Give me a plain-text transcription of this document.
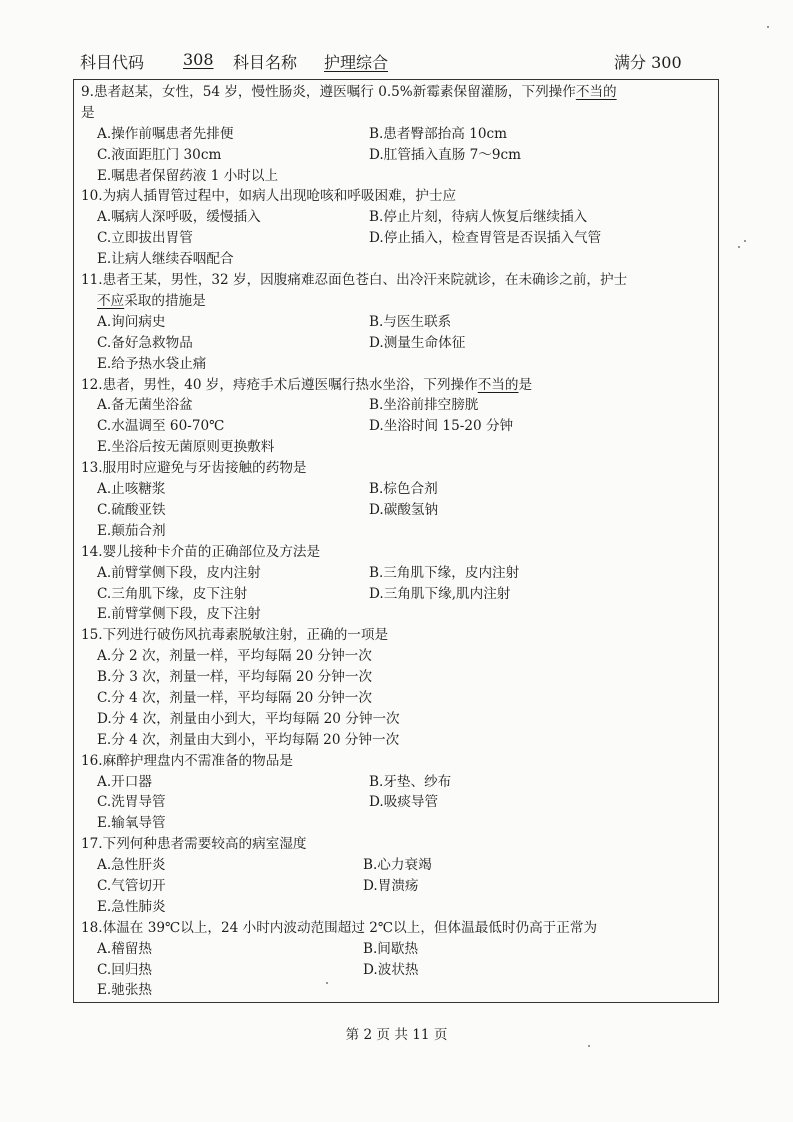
科目代码 308 科目名称 护理综合	满分 300
9.患者赵某，女性，54 岁，慢性肠炎，遵医嘱行 0.5%新霉素保留灌肠，下列操作不当的
是
A.操作前嘱患者先排便	B.患者臀部抬高 10cm
C.液面距肛门 30cm	D.肛管插入直肠 7～9cm
E.嘱患者保留药液 1 小时以上
10.为病人插胃管过程中，如病人出现呛咳和呼吸困难，护士应
A.嘱病人深呼吸，缓慢插入	B.停止片刻，待病人恢复后继续插入
C.立即拔出胃管	D.停止插入，检查胃管是否误插入气管
E.让病人继续吞咽配合
11.患者王某，男性，32 岁，因腹痛难忍面色苍白、出冷汗来院就诊，在未确诊之前，护士
不应采取的措施是
A.询问病史	B.与医生联系
C.备好急救物品	D.测量生命体征
E.给予热水袋止痛
12.患者，男性，40 岁，痔疮手术后遵医嘱行热水坐浴，下列操作不当的是
A.备无菌坐浴盆	B.坐浴前排空膀胱
C.水温调至 60-70℃	D.坐浴时间 15-20 分钟
E.坐浴后按无菌原则更换敷料
13.服用时应避免与牙齿接触的药物是
A.止咳糖浆	B.棕色合剂
C.硫酸亚铁	D.碳酸氢钠
E.颠茄合剂
14.婴儿接种卡介苗的正确部位及方法是
A.前臂掌侧下段，皮内注射	B.三角肌下缘，皮内注射
C.三角肌下缘，皮下注射	D.三角肌下缘,肌内注射
E.前臂掌侧下段，皮下注射
15.下列进行破伤风抗毒素脱敏注射，正确的一项是
A.分 2 次，剂量一样，平均每隔 20 分钟一次
B.分 3 次，剂量一样，平均每隔 20 分钟一次
C.分 4 次，剂量一样，平均每隔 20 分钟一次
D.分 4 次，剂量由小到大，平均每隔 20 分钟一次
E.分 4 次，剂量由大到小，平均每隔 20 分钟一次
16.麻醉护理盘内不需准备的物品是
A.开口器	B.牙垫、纱布
C.洗胃导管	D.吸痰导管
E.输氧导管
17.下列何种患者需要较高的病室湿度
A.急性肝炎	B.心力衰竭
C.气管切开	D.胃溃疡
E.急性肺炎
18.体温在 39℃以上，24 小时内波动范围超过 2℃以上，但体温最低时仍高于正常为
A.稽留热	B.间歇热
C.回归热	D.波状热
E.驰张热
第 2 页 共 11 页
